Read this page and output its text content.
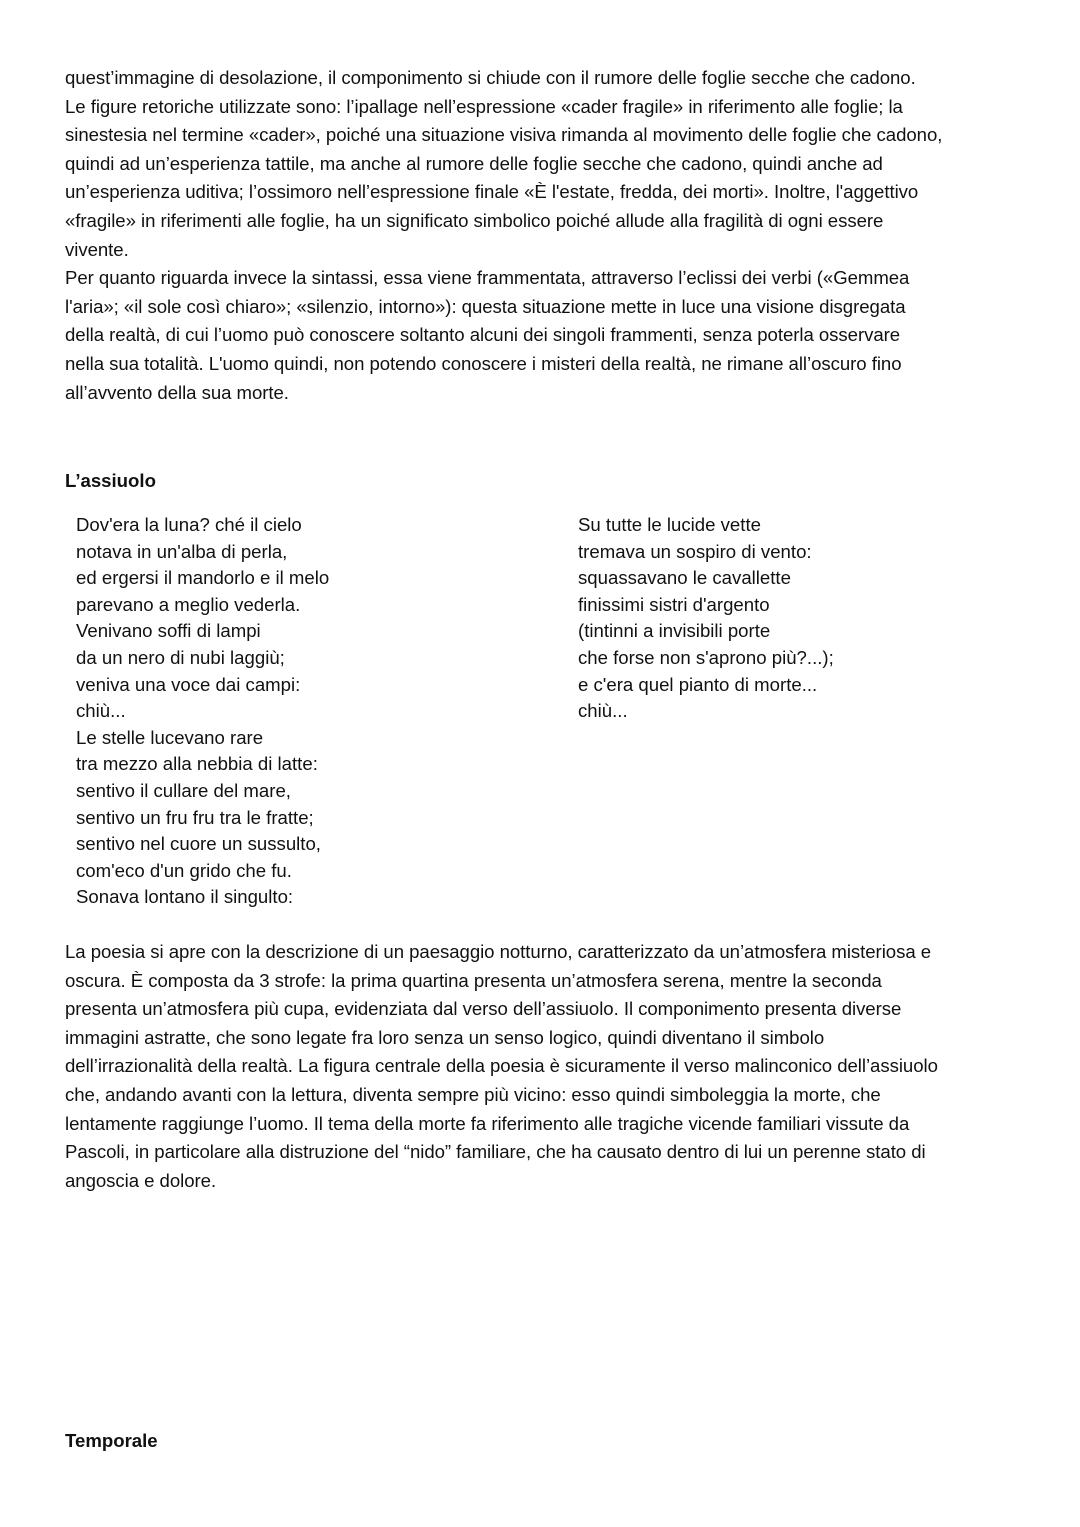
quest’immagine di desolazione, il componimento si chiude con il rumore delle foglie secche che cadono.
Le figure retoriche utilizzate sono: l’ipallage nell’espressione «cader fragile» in riferimento alle foglie; la
sinestesia nel termine «cader», poiché una situazione visiva rimanda al movimento delle foglie che cadono,
quindi ad un’esperienza tattile, ma anche al rumore delle foglie secche che cadono, quindi anche ad
un’esperienza uditiva; l’ossimoro nell’espressione finale «È l'estate, fredda, dei morti». Inoltre, l'aggettivo
«fragile» in riferimenti alle foglie, ha un significato simbolico poiché allude alla fragilità di ogni essere
vivente.
Per quanto riguarda invece la sintassi, essa viene frammentata, attraverso l’eclissi dei verbi («Gemmea
l'aria»; «il sole così chiaro»; «silenzio, intorno»): questa situazione mette in luce una visione disgregata
della realtà, di cui l’uomo può conoscere soltanto alcuni dei singoli frammenti, senza poterla osservare
nella sua totalità. L'uomo quindi, non potendo conoscere i misteri della realtà, ne rimane all’oscuro fino
all’avvento della sua morte.

L’assiuolo
Dov'era la luna? ché il cielo
notava in un'alba di perla,
ed ergersi il mandorlo e il melo
parevano a meglio vederla.
Venivano soffi di lampi
da un nero di nubi laggiù;
veniva una voce dai campi:
chiù...
Le stelle lucevano rare
tra mezzo alla nebbia di latte:
sentivo il cullare del mare,
sentivo un fru fru tra le fratte;
sentivo nel cuore un sussulto,
com'eco d'un grido che fu.
Sonava lontano il singulto:
Su tutte le lucide vette
tremava un sospiro di vento:
squassavano le cavallette
finissimi sistri d'argento
(tintinni a invisibili porte
che forse non s'aprono più?...);
e c'era quel pianto di morte...
chiù...

La poesia si apre con la descrizione di un paesaggio notturno, caratterizzato da un’atmosfera misteriosa e
oscura. È composta da 3 strofe: la prima quartina presenta un’atmosfera serena, mentre la seconda
presenta un’atmosfera più cupa, evidenziata dal verso dell’assiuolo. Il componimento presenta diverse
immagini astratte, che sono legate fra loro senza un senso logico, quindi diventano il simbolo
dell’irrazionalità della realtà. La figura centrale della poesia è sicuramente il verso malinconico dell’assiuolo
che, andando avanti con la lettura, diventa sempre più vicino: esso quindi simboleggia la morte, che
lentamente raggiunge l’uomo. Il tema della morte fa riferimento alle tragiche vicende familiari vissute da
Pascoli, in particolare alla distruzione del “nido” familiare, che ha causato dentro di lui un perenne stato di
angoscia e dolore.

Temporale
